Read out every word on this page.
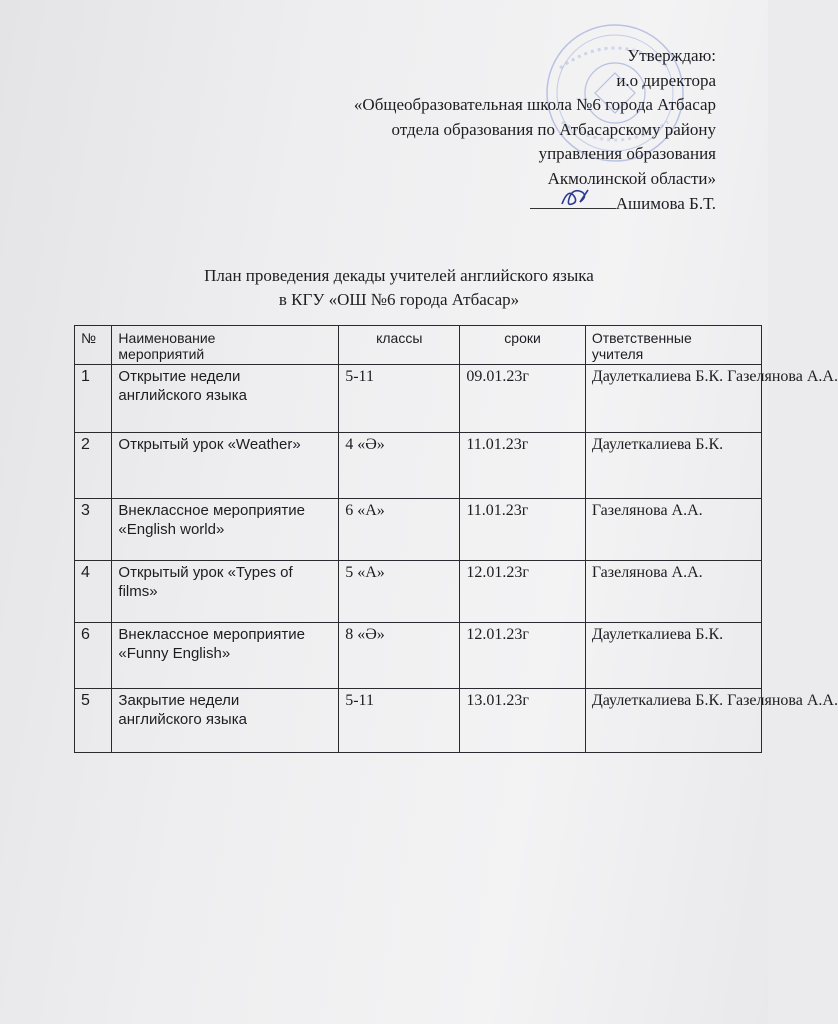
Утверждаю:
и.о директора
«Общеобразовательная школа №6 города Атбасар
отдела образования по Атбасарскому району
управления образования
Акмолинской области»
Ашимова Б.Т.
План проведения декады учителей английского языка
в КГУ «ОШ №6 города Атбасар»
№	Наименование
мероприятий	классы	сроки	Ответственные
учителя
1	Открытие недели
английского языка	5-11	09.01.23г	Даулеткалиева Б.К. Газелянова А.А.
2	Открытый урок «Weather»	4 «Ә»	11.01.23г	Даулеткалиева Б.К.
3	Внеклассное мероприятие
«English world»	6 «А»	11.01.23г	Газелянова А.А.
4	Открытый урок «Types of
films»	5 «А»	12.01.23г	Газелянова А.А.
6	Внеклассное мероприятие
«Funny English»	8 «Ә»	12.01.23г	Даулеткалиева Б.К.
5	Закрытие недели
английского языка	5-11	13.01.23г	Даулеткалиева Б.К. Газелянова А.А.
